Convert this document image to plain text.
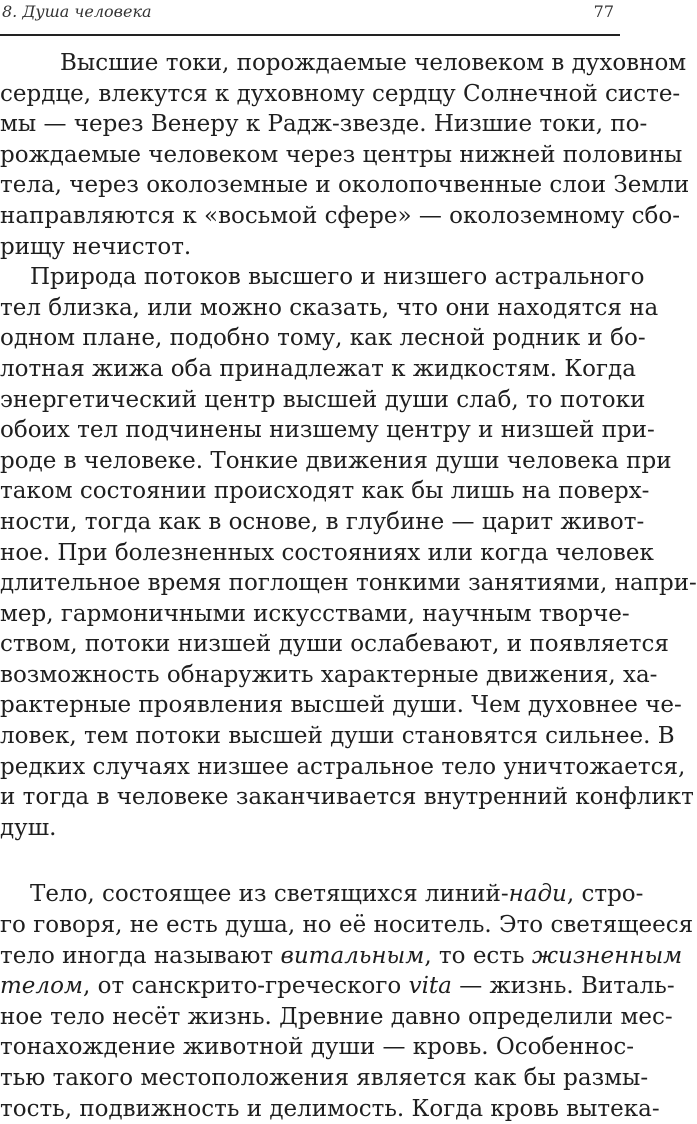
8. Душа человека	77
Высшие токи, порождаемые человеком в духовном
сердце, влекутся к духовному сердцу Солнечной систе-
мы — через Венеру к Радж-звезде. Низшие токи, по-
рождаемые человеком через центры нижней половины
тела, через околоземные и околопочвенные слои Земли
направляются к «восьмой сфере» — околоземному сбо-
рищу нечистот.
Природа потоков высшего и низшего астрального
тел близка, или можно сказать, что они находятся на
одном плане, подобно тому, как лесной родник и бо-
лотная жижа оба принадлежат к жидкостям. Когда
энергетический центр высшей души слаб, то потоки
обоих тел подчинены низшему центру и низшей при-
роде в человеке. Тонкие движения души человека при
таком состоянии происходят как бы лишь на поверх-
ности, тогда как в основе, в глубине — царит живот-
ное. При болезненных состояниях или когда человек
длительное время поглощен тонкими занятиями, напри-
мер, гармоничными искусствами, научным творче-
ством, потоки низшей души ослабевают, и появляется
возможность обнаружить характерные движения, ха-
рактерные проявления высшей души. Чем духовнее че-
ловек, тем потоки высшей души становятся сильнее. В
редких случаях низшее астральное тело уничтожается,
и тогда в человеке заканчивается внутренний конфликт
душ.
Тело, состоящее из светящихся линий-нади, стро-
го говоря, не есть душа, но её носитель. Это светящееся
тело иногда называют витальным, то есть жизненным
телом, от санскрито-греческого vita — жизнь. Виталь-
ное тело несёт жизнь. Древние давно определили мес-
тонахождение животной души — кровь. Особеннос-
тью такого местоположения является как бы размы-
тость, подвижность и делимость. Когда кровь вытека-
